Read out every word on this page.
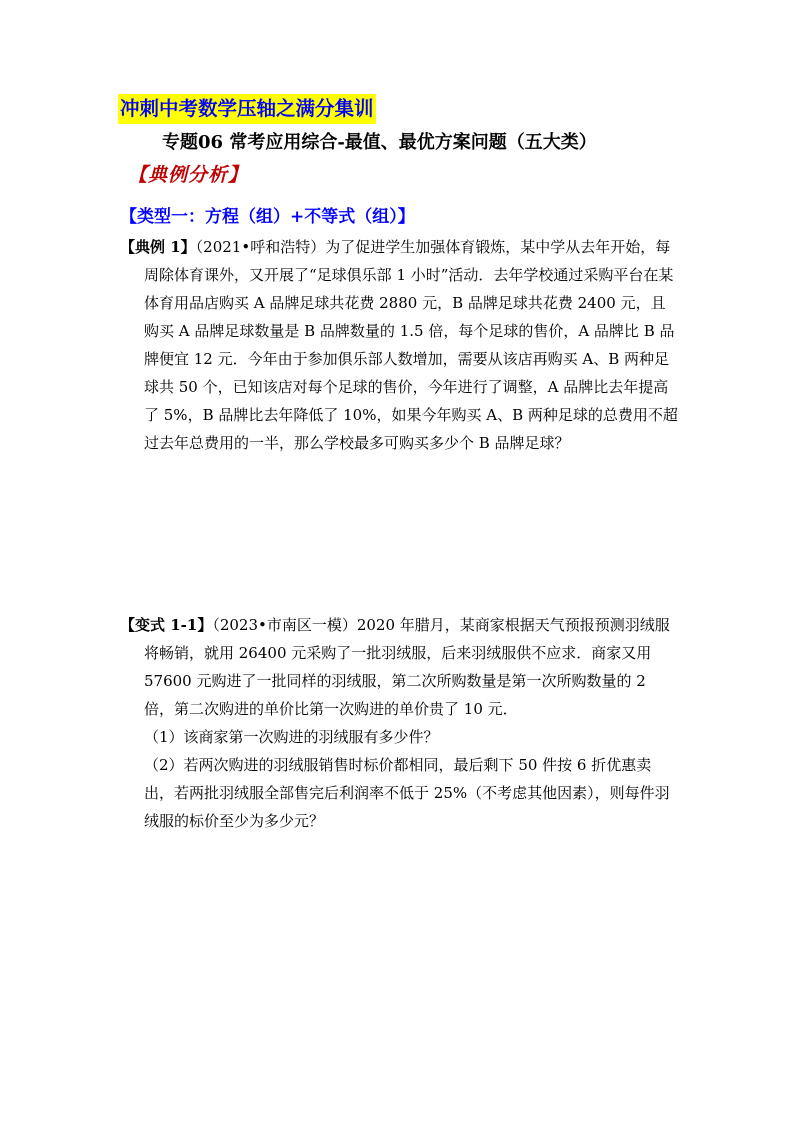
冲刺中考数学压轴之满分集训
专题06 常考应用综合-最值、最优方案问题（五大类）
【典例分析】
【类型一：方程（组）+不等式（组）】

【典例 1】（2021•呼和浩特）为了促进学生加强体育锻炼，某中学从去年开始，每周除体育课外，又开展了“足球俱乐部 1 小时”活动．去年学校通过采购平台在某体育用品店购买 A 品牌足球共花费 2880 元，B 品牌足球共花费 2400 元，且购买 A 品牌足球数量是 B 品牌数量的 1.5 倍，每个足球的售价，A 品牌比 B 品牌便宜 12 元．今年由于参加俱乐部人数增加，需要从该店再购买 A、B 两种足球共 50 个，已知该店对每个足球的售价，今年进行了调整，A 品牌比去年提高了 5%，B 品牌比去年降低了 10%，如果今年购买 A、B 两种足球的总费用不超过去年总费用的一半，那么学校最多可购买多少个 B 品牌足球？

【变式 1-1】（2023•市南区一模）2020 年腊月，某商家根据天气预报预测羽绒服将畅销，就用 26400 元采购了一批羽绒服，后来羽绒服供不应求．商家又用 57600 元购进了一批同样的羽绒服，第二次所购数量是第一次所购数量的 2 倍，第二次购进的单价比第一次购进的单价贵了 10 元．

（1）该商家第一次购进的羽绒服有多少件？

（2）若两次购进的羽绒服销售时标价都相同，最后剩下 50 件按 6 折优惠卖出，若两批羽绒服全部售完后利润率不低于 25%（不考虑其他因素），则每件羽绒服的标价至少为多少元？
